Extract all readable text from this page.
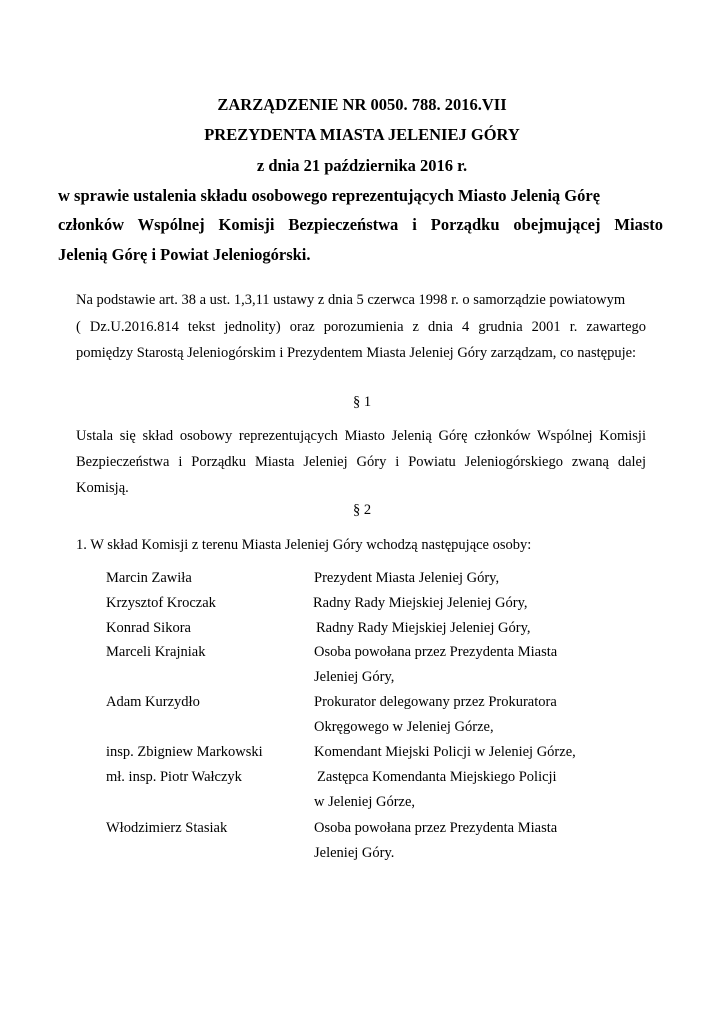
ZARZĄDZENIE NR 0050. 788. 2016.VII
PREZYDENTA MIASTA JELENIEJ GÓRY
z dnia 21 października 2016 r.
w sprawie ustalenia składu osobowego reprezentujących Miasto Jelenią Górę
członków Wspólnej Komisji Bezpieczeństwa i Porządku obejmującej Miasto
Jelenią Górę i Powiat Jeleniogórski.
Na podstawie art. 38 a ust. 1,3,11 ustawy z dnia 5 czerwca 1998 r. o samorządzie powiatowym
( Dz.U.2016.814 tekst jednolity) oraz porozumienia z dnia 4 grudnia 2001 r. zawartego
pomiędzy Starostą Jeleniogórskim i Prezydentem Miasta Jeleniej Góry zarządzam, co następuje:
§ 1
Ustala się skład osobowy reprezentujących Miasto Jelenią Górę członków Wspólnej Komisji
Bezpieczeństwa i Porządku Miasta Jeleniej Góry i Powiatu Jeleniogórskiego zwaną dalej
Komisją.
§ 2
1. W skład Komisji z terenu Miasta Jeleniej Góry wchodzą następujące osoby:
Marcin Zawiła	Prezydent Miasta Jeleniej Góry,
Krzysztof Kroczak	Radny Rady Miejskiej Jeleniej Góry,
Konrad Sikora	Radny Rady Miejskiej Jeleniej Góry,
Marceli Krajniak	Osoba powołana przez Prezydenta Miasta
Jeleniej Góry,
Adam Kurzydło	Prokurator delegowany przez Prokuratora
Okręgowego w Jeleniej Górze,
insp. Zbigniew Markowski	Komendant Miejski Policji w Jeleniej Górze,
mł. insp. Piotr Wałczyk	Zastępca Komendanta Miejskiego Policji
w Jeleniej Górze,
Włodzimierz Stasiak	Osoba powołana przez Prezydenta Miasta
Jeleniej Góry.
